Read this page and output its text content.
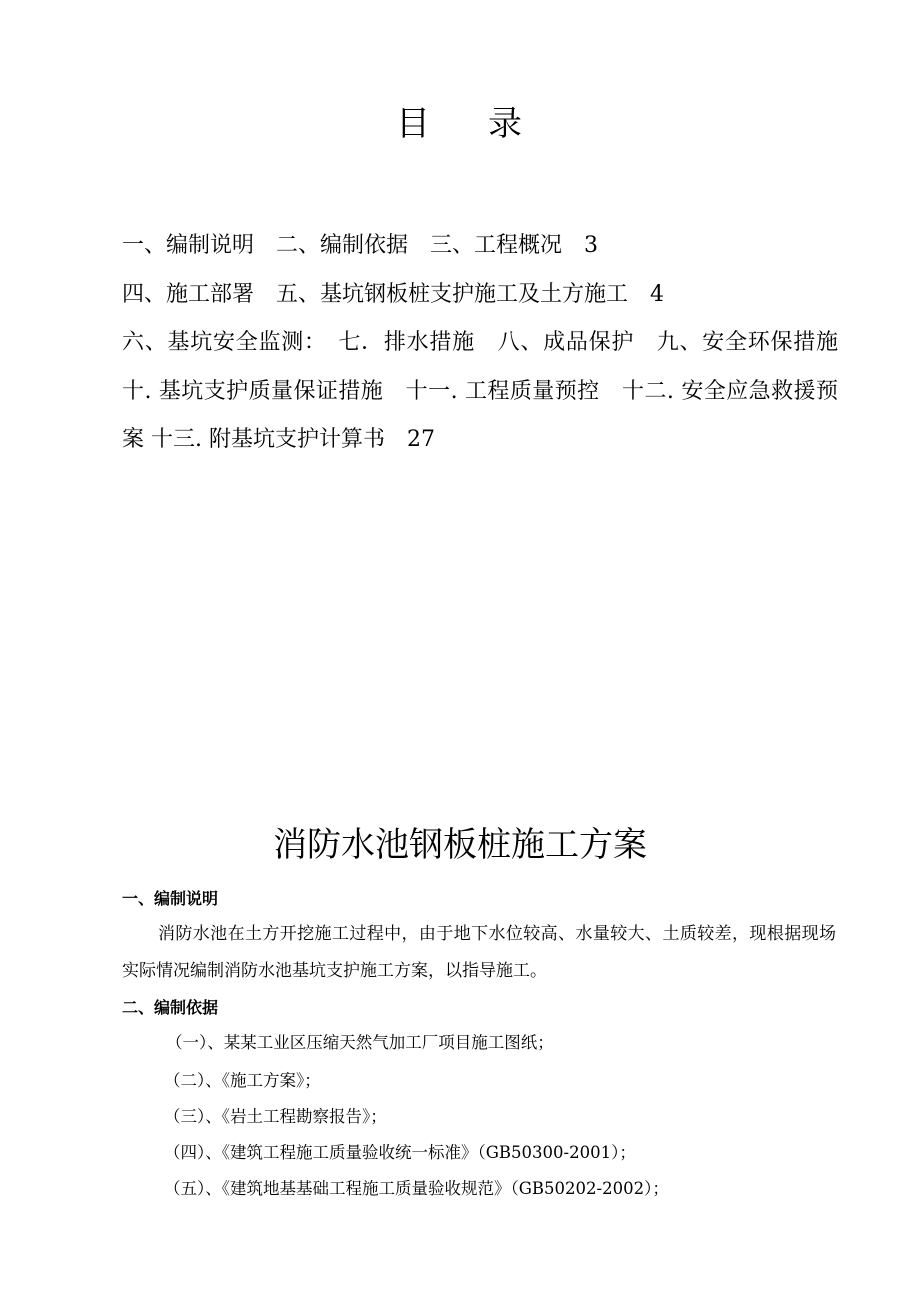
目 录
一、编制说明　二、编制依据　三、工程概况　3
四、施工部署　五、基坑钢板桩支护施工及土方施工　4
六、基坑安全监测：　七．排水措施　八、成品保护　九、安全环保措施 十. 基坑支护质量保证措施　十一. 工程质量预控　十二. 安全应急救援预案 十三. 附基坑支护计算书　27
消防水池钢板桩施工方案
一、编制说明
消防水池在土方开挖施工过程中，由于地下水位较高、水量较大、土质较差，现根据现场实际情况编制消防水池基坑支护施工方案，以指导施工。
二、编制依据
（一）、某某工业区压缩天然气加工厂项目施工图纸；
（二）、《施工方案》；
（三）、《岩土工程勘察报告》；
（四）、《建筑工程施工质量验收统一标准》（GB50300-2001）；
（五）、《建筑地基基础工程施工质量验收规范》（GB50202-2002）；
